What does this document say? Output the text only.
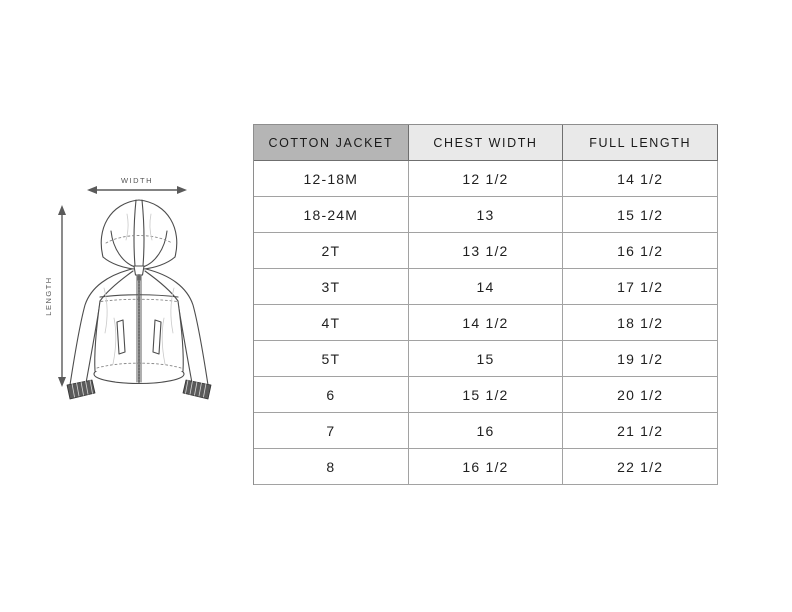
WIDTH
LENGTH
COTTON JACKET	CHEST WIDTH	FULL LENGTH
12-18M	12 1/2	14 1/2
18-24M	13	15 1/2
2T	13 1/2	16 1/2
3T	14	17 1/2
4T	14 1/2	18 1/2
5T	15	19 1/2
6	15 1/2	20 1/2
7	16	21 1/2
8	16 1/2	22 1/2
